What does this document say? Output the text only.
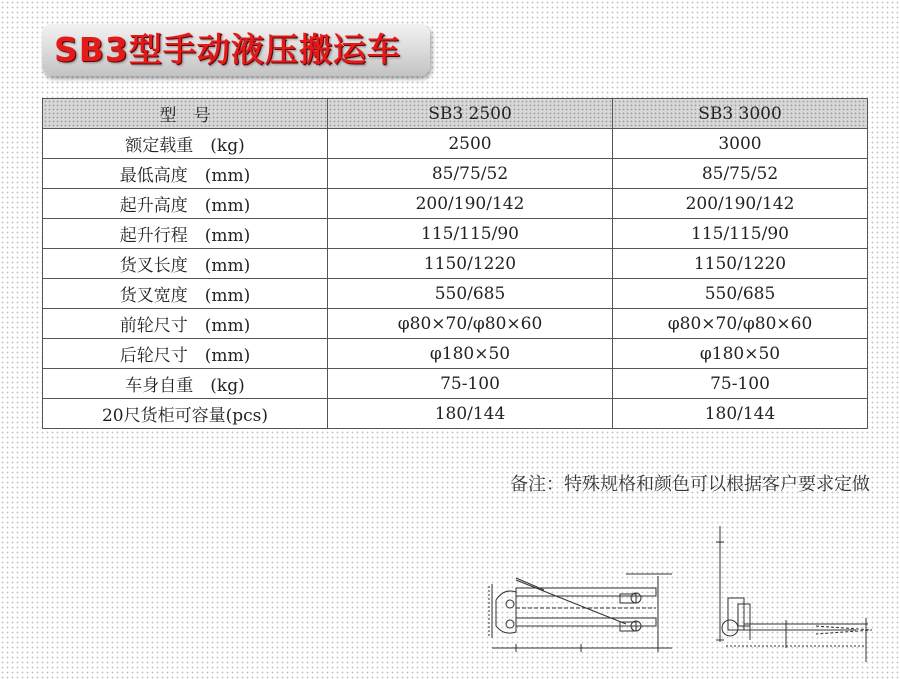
SB3型手动液压搬运车
型　号	SB3 2500	SB3 3000
额定载重　(kg)	2500	3000
最低高度　(mm)	85/75/52	85/75/52
起升高度　(mm)	200/190/142	200/190/142
起升行程　(mm)	115/115/90	115/115/90
货叉长度　(mm)	1150/1220	1150/1220
货叉宽度　(mm)	550/685	550/685
前轮尺寸　(mm)	φ80×70/φ80×60	φ80×70/φ80×60
后轮尺寸　(mm)	φ180×50	φ180×50
车身自重　(kg)	75-100	75-100
20尺货柜可容量(pcs)	180/144	180/144
备注：特殊规格和颜色可以根据客户要求定做
